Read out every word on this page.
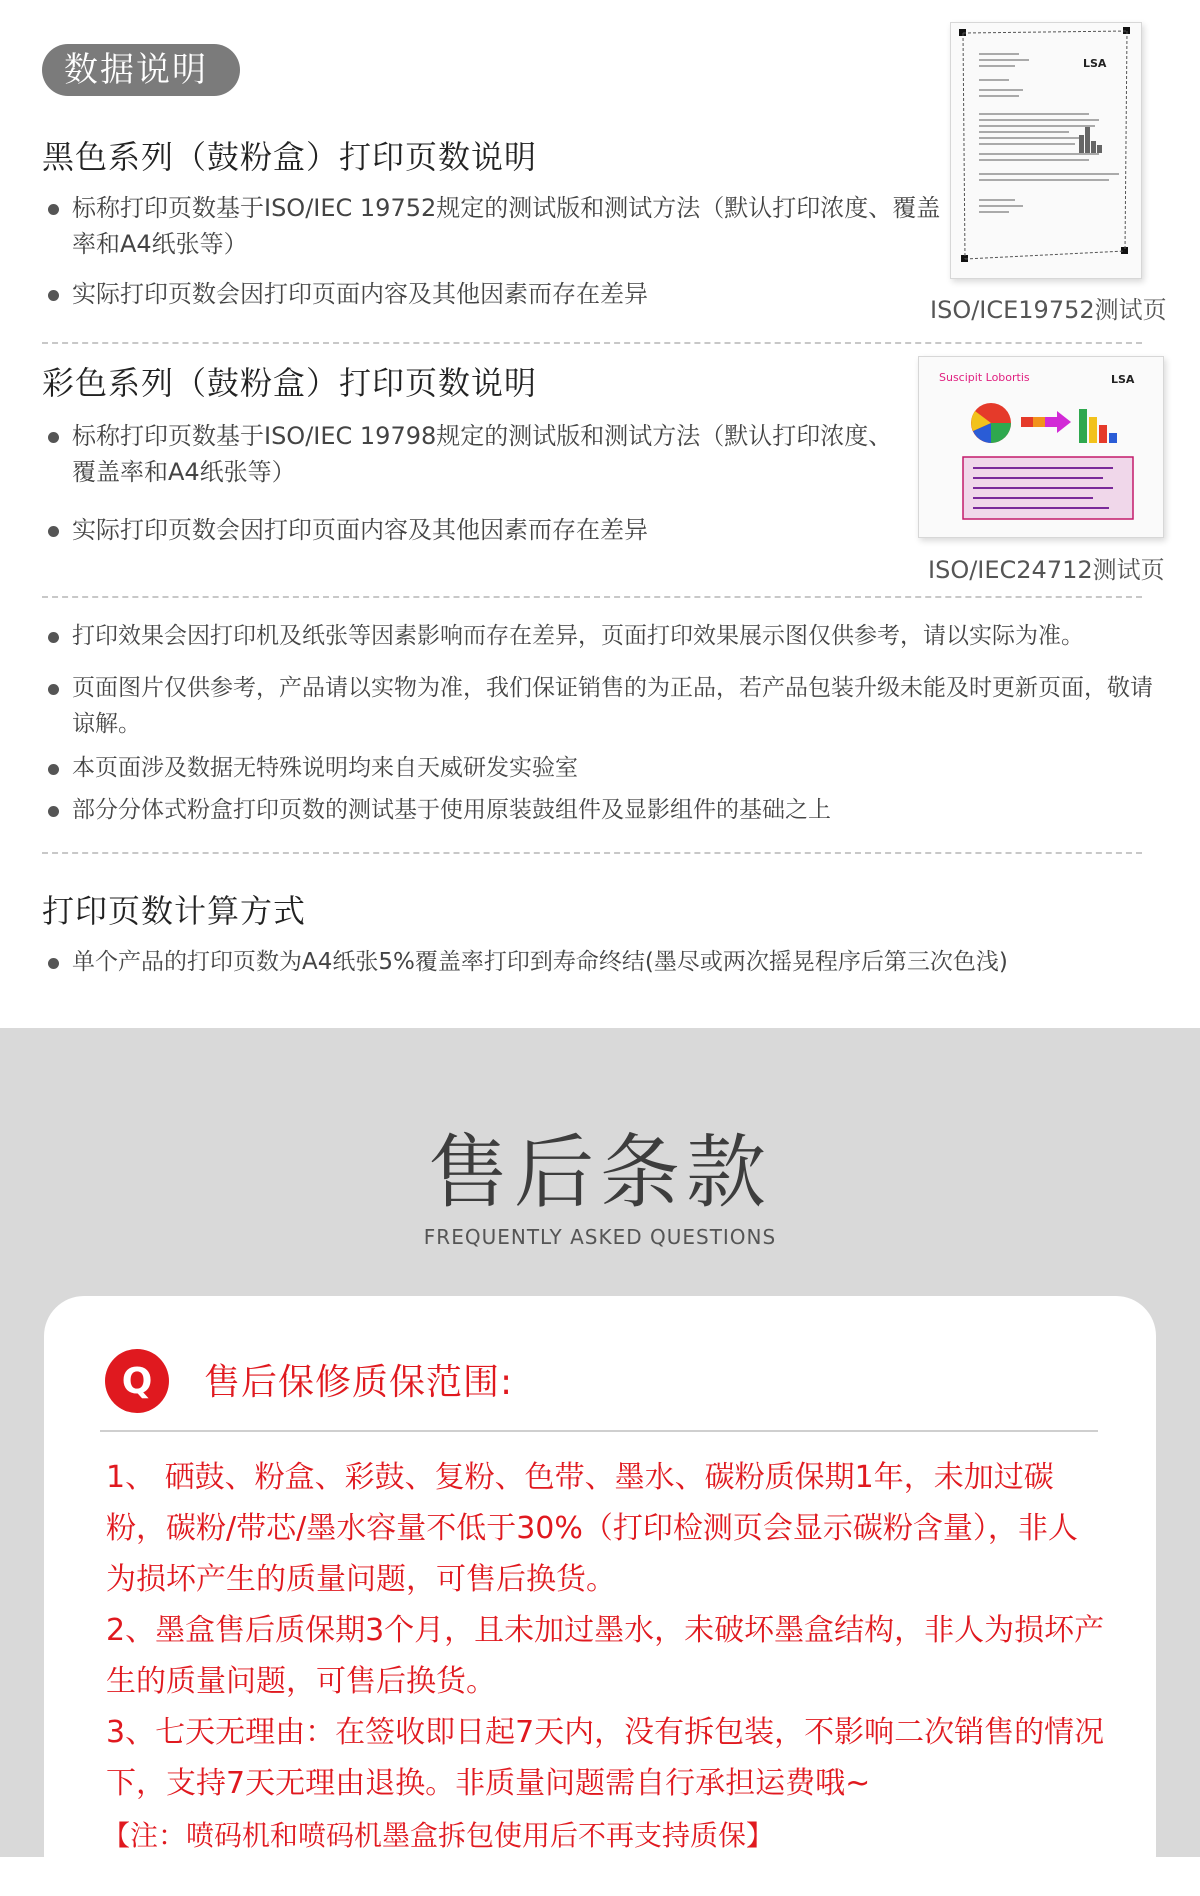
数据说明
黑色系列（鼓粉盒）打印页数说明
标称打印页数基于ISO/IEC 19752规定的测试版和测试方法（默认打印浓度、覆盖率和A4纸张等）
实际打印页数会因打印页面内容及其他因素而存在差异
LSA
ISO/ICE19752测试页
彩色系列（鼓粉盒）打印页数说明
标称打印页数基于ISO/IEC 19798规定的测试版和测试方法（默认打印浓度、覆盖率和A4纸张等）
实际打印页数会因打印页面内容及其他因素而存在差异
Suscipit Lobortis	LSA
ISO/IEC24712测试页
打印效果会因打印机及纸张等因素影响而存在差异，页面打印效果展示图仅供参考，请以实际为准。
页面图片仅供参考，产品请以实物为准，我们保证销售的为正品，若产品包装升级未能及时更新页面，敬请谅解。
本页面涉及数据无特殊说明均来自天威研发实验室
部分分体式粉盒打印页数的测试基于使用原装鼓组件及显影组件的基础之上
打印页数计算方式
单个产品的打印页数为A4纸张5%覆盖率打印到寿命终结(墨尽或两次摇晃程序后第三次色浅)
售后条款
FREQUENTLY ASKED QUESTIONS
Q 售后保修质保范围:
1、 硒鼓、粉盒、彩鼓、复粉、色带、墨水、碳粉质保期1年，未加过碳粉，碳粉/带芯/墨水容量不低于30%（打印检测页会显示碳粉含量），非人为损坏产生的质量问题，可售后换货。
2、墨盒售后质保期3个月，且未加过墨水，未破坏墨盒结构，非人为损坏产生的质量问题，可售后换货。
3、七天无理由：在签收即日起7天内，没有拆包装，不影响二次销售的情况下，支持7天无理由退换。非质量问题需自行承担运费哦~
【注：喷码机和喷码机墨盒拆包使用后不再支持质保】
